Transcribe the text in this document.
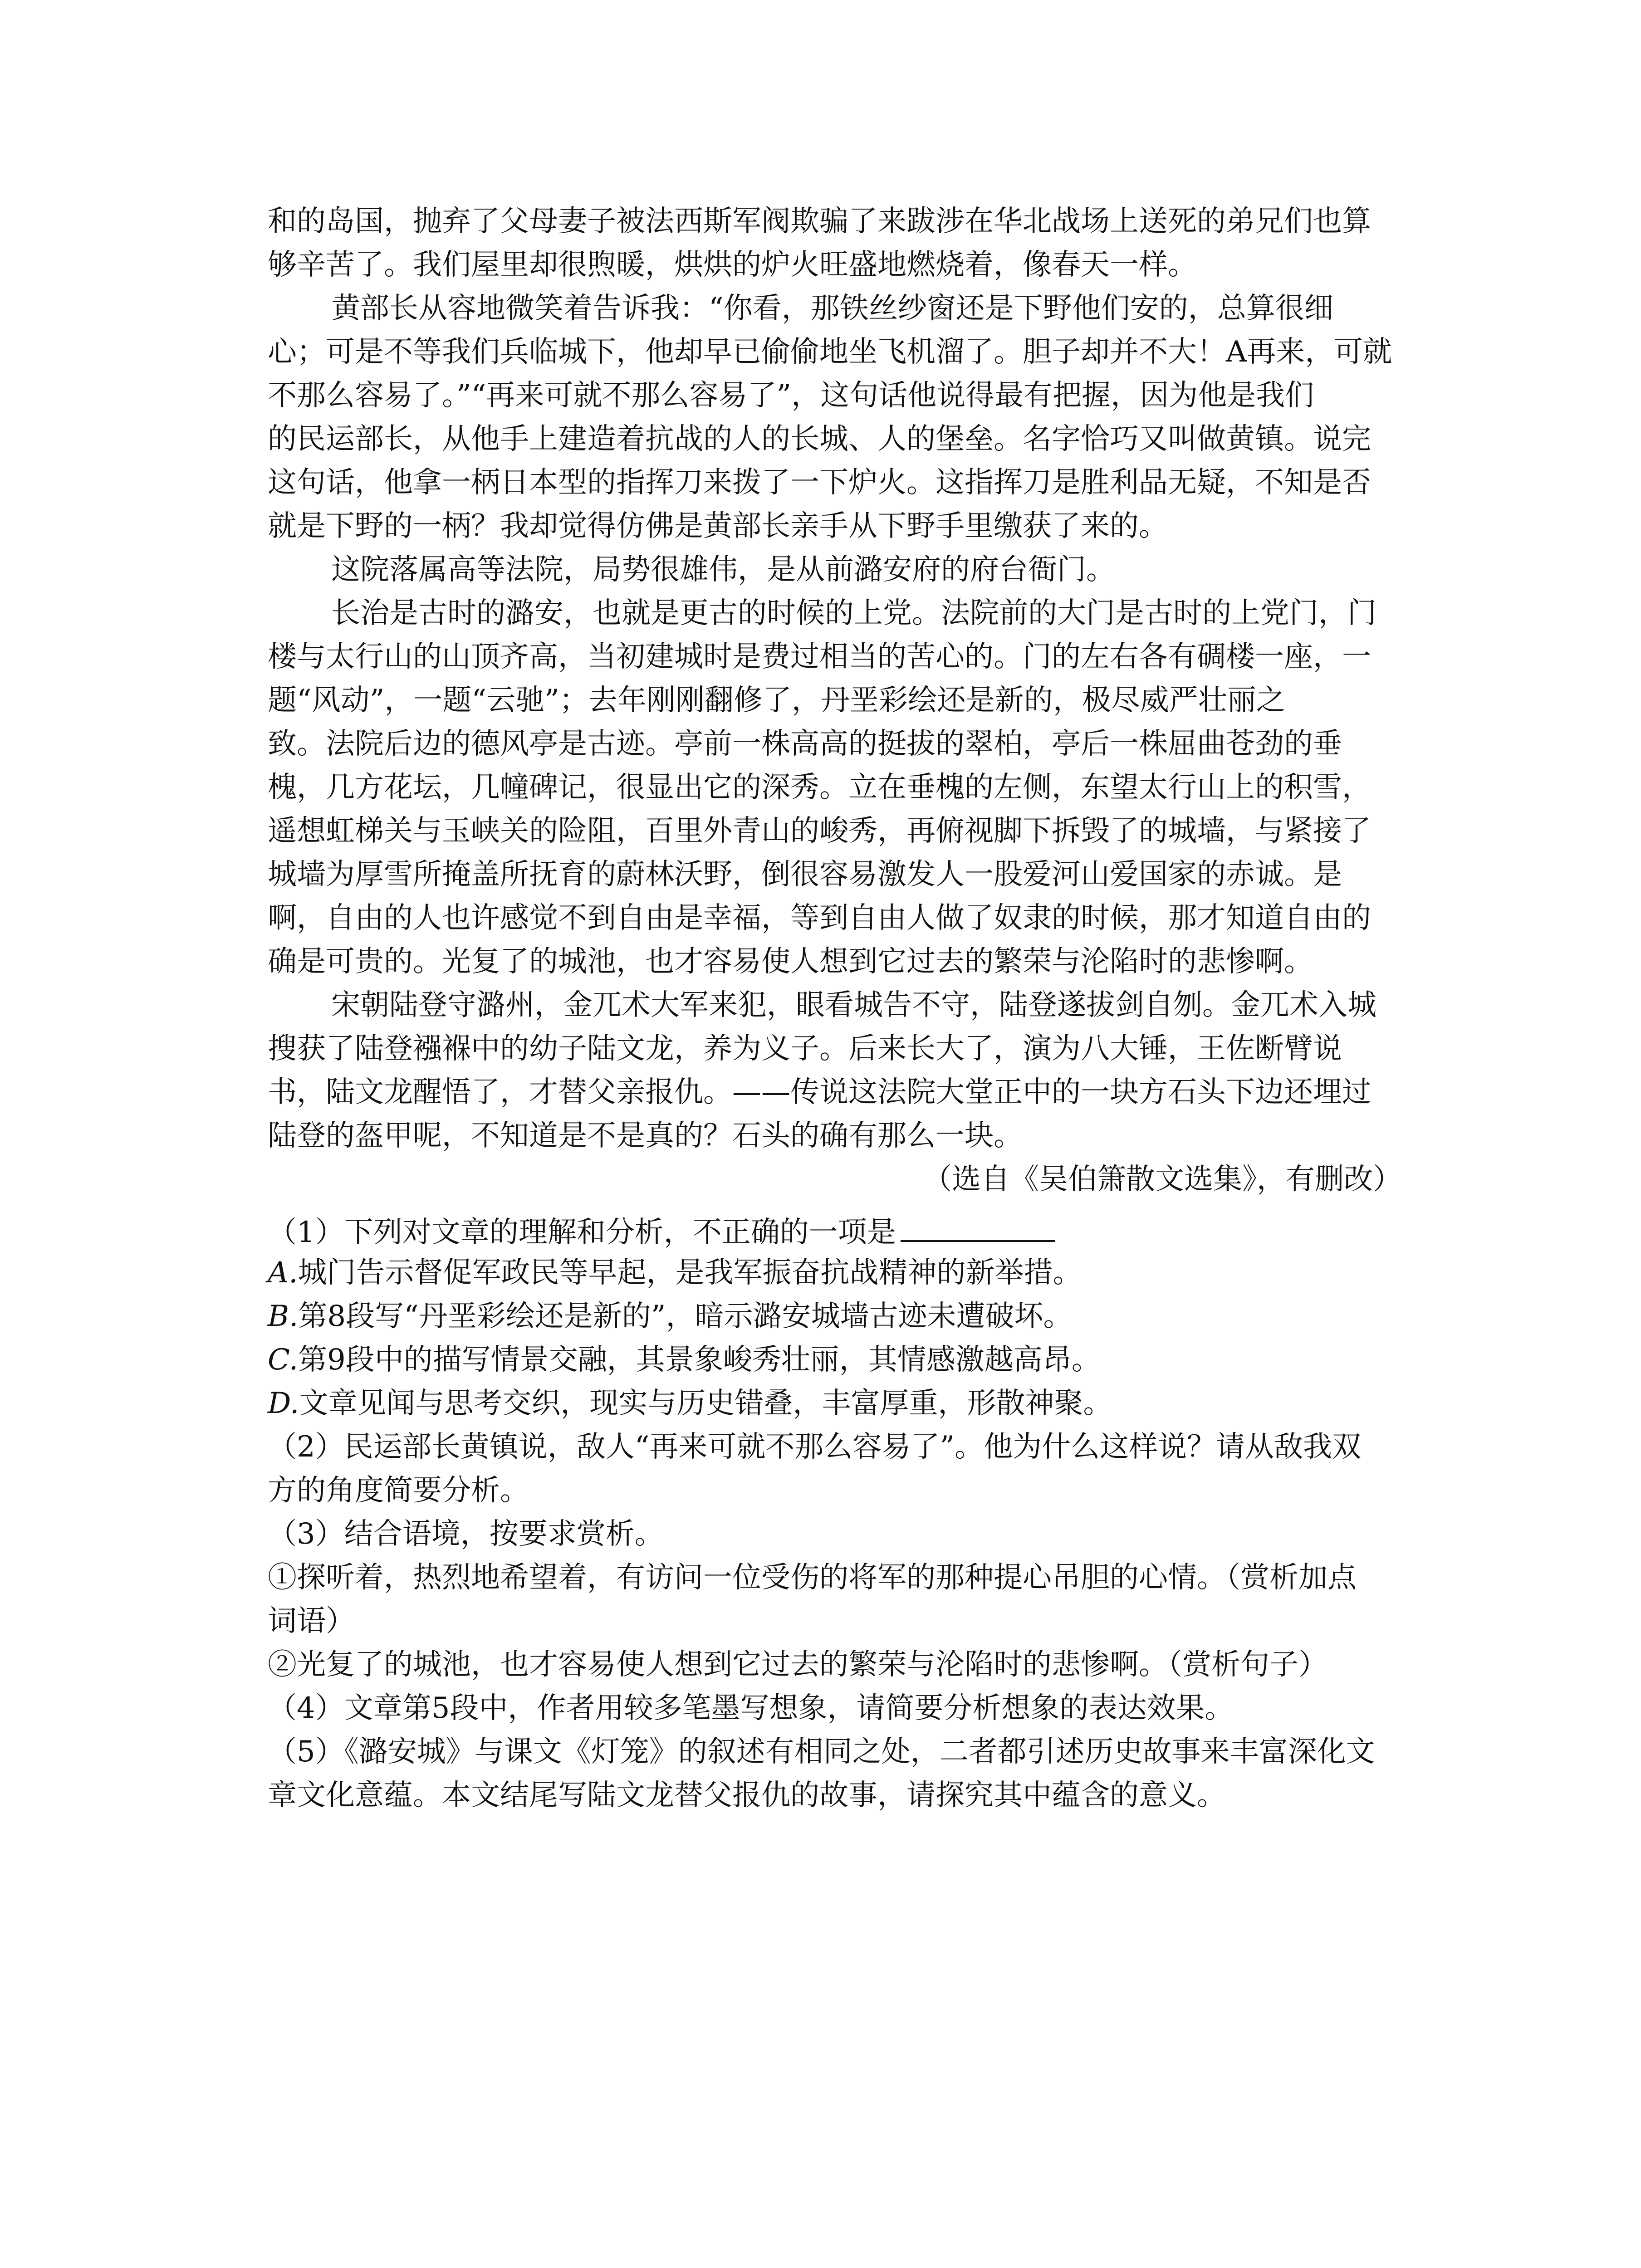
和的岛国，抛弃了父母妻子被法西斯军阀欺骗了来跋涉在华北战场上送死的弟兄们也算

够辛苦了。我们屋里却很煦暖，烘烘的炉火旺盛地燃烧着，像春天一样。

黄部长从容地微笑着告诉我：“你看，那铁丝纱窗还是下野他们安的，总算很细

心；可是不等我们兵临城下，他却早已偷偷地坐飞机溜了。胆子却并不大！A再来，可就

不那么容易了。”“再来可就不那么容易了”，这句话他说得最有把握，因为他是我们

的民运部长，从他手上建造着抗战的人的长城、人的堡垒。名字恰巧又叫做黄镇。说完

这句话，他拿一柄日本型的指挥刀来拨了一下炉火。这指挥刀是胜利品无疑，不知是否

就是下野的一柄？我却觉得仿佛是黄部长亲手从下野手里缴获了来的。

这院落属高等法院，局势很雄伟，是从前潞安府的府台衙门。

长治是古时的潞安，也就是更古的时候的上党。法院前的大门是古时的上党门，门

楼与太行山的山顶齐高，当初建城时是费过相当的苦心的。门的左右各有碉楼一座，一

题“风动”，一题“云驰”；去年刚刚翻修了，丹垩彩绘还是新的，极尽威严壮丽之

致。法院后边的德风亭是古迹。亭前一株高高的挺拔的翠柏，亭后一株屈曲苍劲的垂

槐，几方花坛，几幢碑记，很显出它的深秀。立在垂槐的左侧，东望太行山上的积雪，

遥想虹梯关与玉峡关的险阻，百里外青山的峻秀，再俯视脚下拆毁了的城墙，与紧接了

城墙为厚雪所掩盖所抚育的蔚林沃野，倒很容易激发人一股爱河山爱国家的赤诚。是

啊，自由的人也许感觉不到自由是幸福，等到自由人做了奴隶的时候，那才知道自由的

确是可贵的。光复了的城池，也才容易使人想到它过去的繁荣与沦陷时的悲惨啊。

宋朝陆登守潞州，金兀术大军来犯，眼看城告不守，陆登遂拔剑自刎。金兀术入城

搜获了陆登襁褓中的幼子陆文龙，养为义子。后来长大了，演为八大锤，王佐断臂说

书，陆文龙醒悟了，才替父亲报仇。——传说这法院大堂正中的一块方石头下边还埋过

陆登的盔甲呢，不知道是不是真的？石头的确有那么一块。

（选自《吴伯箫散文选集》，有删改）

（1）下列对文章的理解和分析，不正确的一项是

A.城门告示督促军政民等早起，是我军振奋抗战精神的新举措。

B.第8段写“丹垩彩绘还是新的”，暗示潞安城墙古迹未遭破坏。

C.第9段中的描写情景交融，其景象峻秀壮丽，其情感激越高昂。

D.文章见闻与思考交织，现实与历史错叠，丰富厚重，形散神聚。

（2）民运部长黄镇说，敌人“再来可就不那么容易了”。他为什么这样说？请从敌我双

方的角度简要分析。

（3）结合语境，按要求赏析。

①探听着，热烈地希望着，有访问一位受伤的将军的那种提心吊胆的心情。（赏析加点

词语）

②光复了的城池，也才容易使人想到它过去的繁荣与沦陷时的悲惨啊。（赏析句子）

（4）文章第5段中，作者用较多笔墨写想象，请简要分析想象的表达效果。

（5）《潞安城》与课文《灯笼》的叙述有相同之处，二者都引述历史故事来丰富深化文

章文化意蕴。本文结尾写陆文龙替父报仇的故事，请探究其中蕴含的意义。
